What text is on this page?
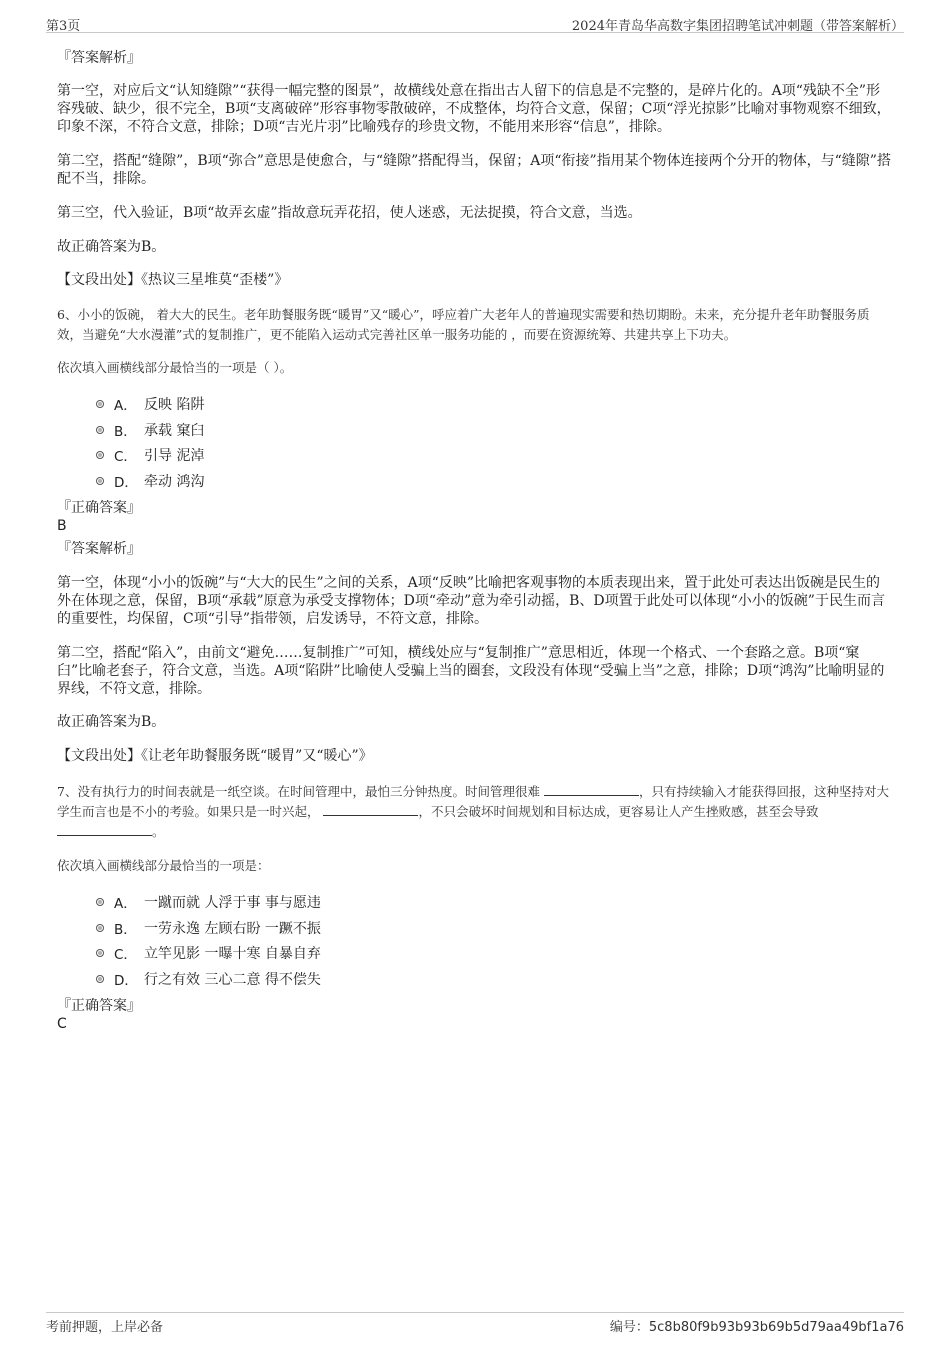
第3页	2024年青岛华高数字集团招聘笔试冲刺题（带答案解析）
『答案解析』
第一空，对应后文“认知缝隙”“获得一幅完整的图景”，故横线处意在指出古人留下的信息是不完整的，是碎片化的。A项“残缺不全”形容残破、缺少，很不完全，B项“支离破碎”形容事物零散破碎，不成整体，均符合文意，保留；C项“浮光掠影”比喻对事物观察不细致，印象不深，不符合文意，排除；D项“吉光片羽”比喻残存的珍贵文物，不能用来形容“信息”，排除。
第二空，搭配“缝隙”，B项“弥合”意思是使愈合，与“缝隙”搭配得当，保留；A项“衔接”指用某个物体连接两个分开的物体，与“缝隙”搭配不当，排除。
第三空，代入验证，B项“故弄玄虚”指故意玩弄花招，使人迷惑，无法捉摸，符合文意，当选。
故正确答案为B。
【文段出处】《热议三星堆莫“歪楼”》
6、小小的饭碗， 着大大的民生。老年助餐服务既“暖胃”又“暖心”，呼应着广大老年人的普遍现实需要和热切期盼。未来，充分提升老年助餐服务质效，当避免“大水漫灌”式的复制推广，更不能陷入运动式完善社区单一服务功能的 ，而要在资源统筹、共建共享上下功夫。
依次填入画横线部分最恰当的一项是（ ）。
A． 反映 陷阱
B． 承载 窠臼
C． 引导 泥淖
D． 牵动 鸿沟
『正确答案』
B
『答案解析』
第一空，体现“小小的饭碗”与“大大的民生”之间的关系，A项“反映”比喻把客观事物的本质表现出来，置于此处可表达出饭碗是民生的外在体现之意，保留，B项“承载”原意为承受支撑物体；D项“牵动”意为牵引动摇，B、D项置于此处可以体现“小小的饭碗”于民生而言的重要性，均保留，C项“引导”指带领，启发诱导，不符文意，排除。
第二空，搭配“陷入”，由前文“避免……复制推广”可知，横线处应与“复制推广”意思相近，体现一个格式、一个套路之意。B项“窠臼”比喻老套子，符合文意，当选。A项“陷阱”比喻使人受骗上当的圈套，文段没有体现“受骗上当”之意，排除；D项“鸿沟”比喻明显的界线，不符文意，排除。
故正确答案为B。
【文段出处】《让老年助餐服务既“暖胃”又“暖心”》
7、没有执行力的时间表就是一纸空谈。在时间管理中，最怕三分钟热度。时间管理很难	，只有持续输入才能获得回报，这种坚持对大学生而言也是不小的考验。如果只是一时兴起，	，不只会破坏时间规划和目标达成，更容易让人产生挫败感，甚至会导致 。
依次填入画横线部分最恰当的一项是：
A． 一蹴而就 人浮于事 事与愿违
B． 一劳永逸 左顾右盼 一蹶不振
C． 立竿见影 一曝十寒 自暴自弃
D． 行之有效 三心二意 得不偿失
『正确答案』
C
考前押题，上岸必备	编号：5c8b80f9b93b93b69b5d79aa49bf1a76
